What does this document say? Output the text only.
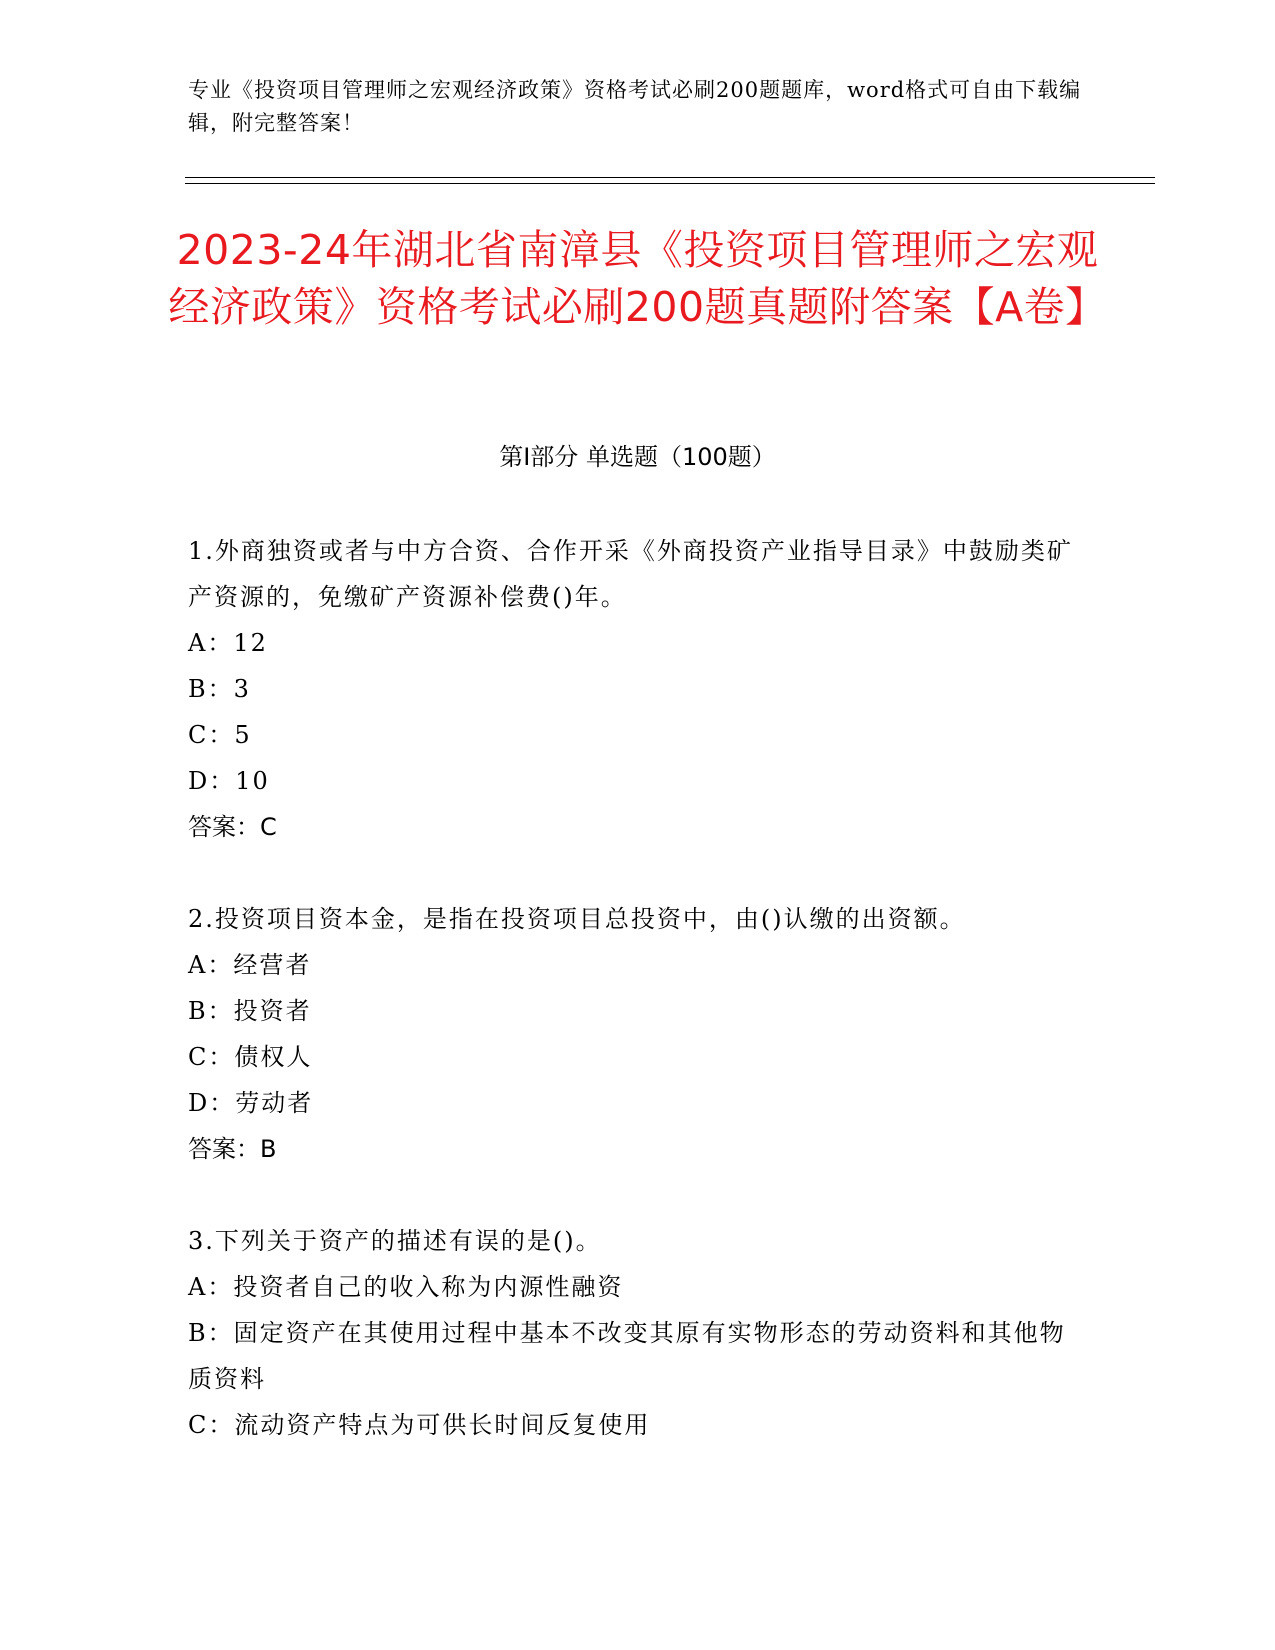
专业《投资项目管理师之宏观经济政策》资格考试必刷200题题库，word格式可自由下载编辑，附完整答案！
2023-24年湖北省南漳县《投资项目管理师之宏观经济政策》资格考试必刷200题真题附答案【A卷】
第I部分 单选题（100题）
1.外商独资或者与中方合资、合作开采《外商投资产业指导目录》中鼓励类矿产资源的，免缴矿产资源补偿费()年。
A：12
B：3
C：5
D：10
答案：C
2.投资项目资本金，是指在投资项目总投资中，由()认缴的出资额。
A：经营者
B：投资者
C：债权人
D：劳动者
答案：B
3.下列关于资产的描述有误的是()。
A：投资者自己的收入称为内源性融资
B：固定资产在其使用过程中基本不改变其原有实物形态的劳动资料和其他物质资料
C：流动资产特点为可供长时间反复使用
